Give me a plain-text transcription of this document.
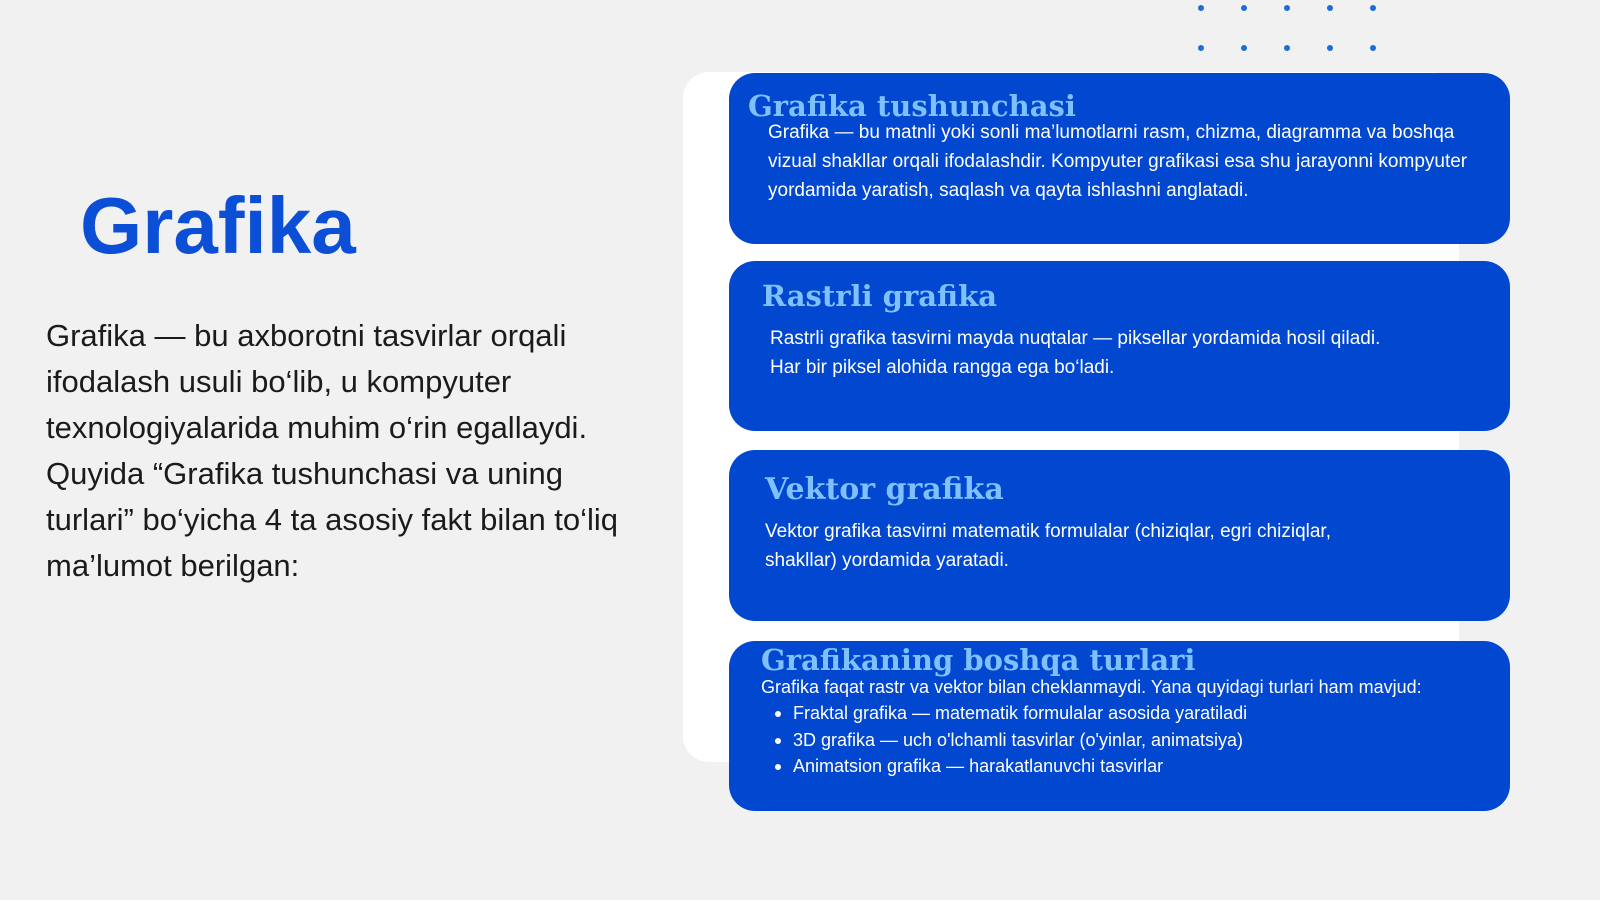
Grafika

Grafika — bu axborotni tasvirlar orqali ifodalash usuli bo‘lib, u kompyuter texnologiyalarida muhim o‘rin egallaydi. Quyida “Grafika tushunchasi va uning turlari” bo‘yicha 4 ta asosiy fakt bilan to‘liq ma’lumot berilgan:

Grafika tushunchasi
Grafika — bu matnli yoki sonli ma’lumotlarni rasm, chizma, diagramma va boshqa vizual shakllar orqali ifodalashdir. Kompyuter grafikasi esa shu jarayonni kompyuter yordamida yaratish, saqlash va qayta ishlashni anglatadi.
Rastrli grafika
Rastrli grafika tasvirni mayda nuqtalar — piksellar yordamida hosil qiladi. Har bir piksel alohida rangga ega bo‘ladi.
Vektor grafika
Vektor grafika tasvirni matematik formulalar (chiziqlar, egri chiziqlar, shakllar) yordamida yaratadi.
Grafikaning boshqa turlari
Grafika faqat rastr va vektor bilan cheklanmaydi. Yana quyidagi turlari ham mavjud:
Fraktal grafika — matematik formulalar asosida yaratiladi
3D grafika — uch o'lchamli tasvirlar (o'yinlar, animatsiya)
Animatsion grafika — harakatlanuvchi tasvirlar
